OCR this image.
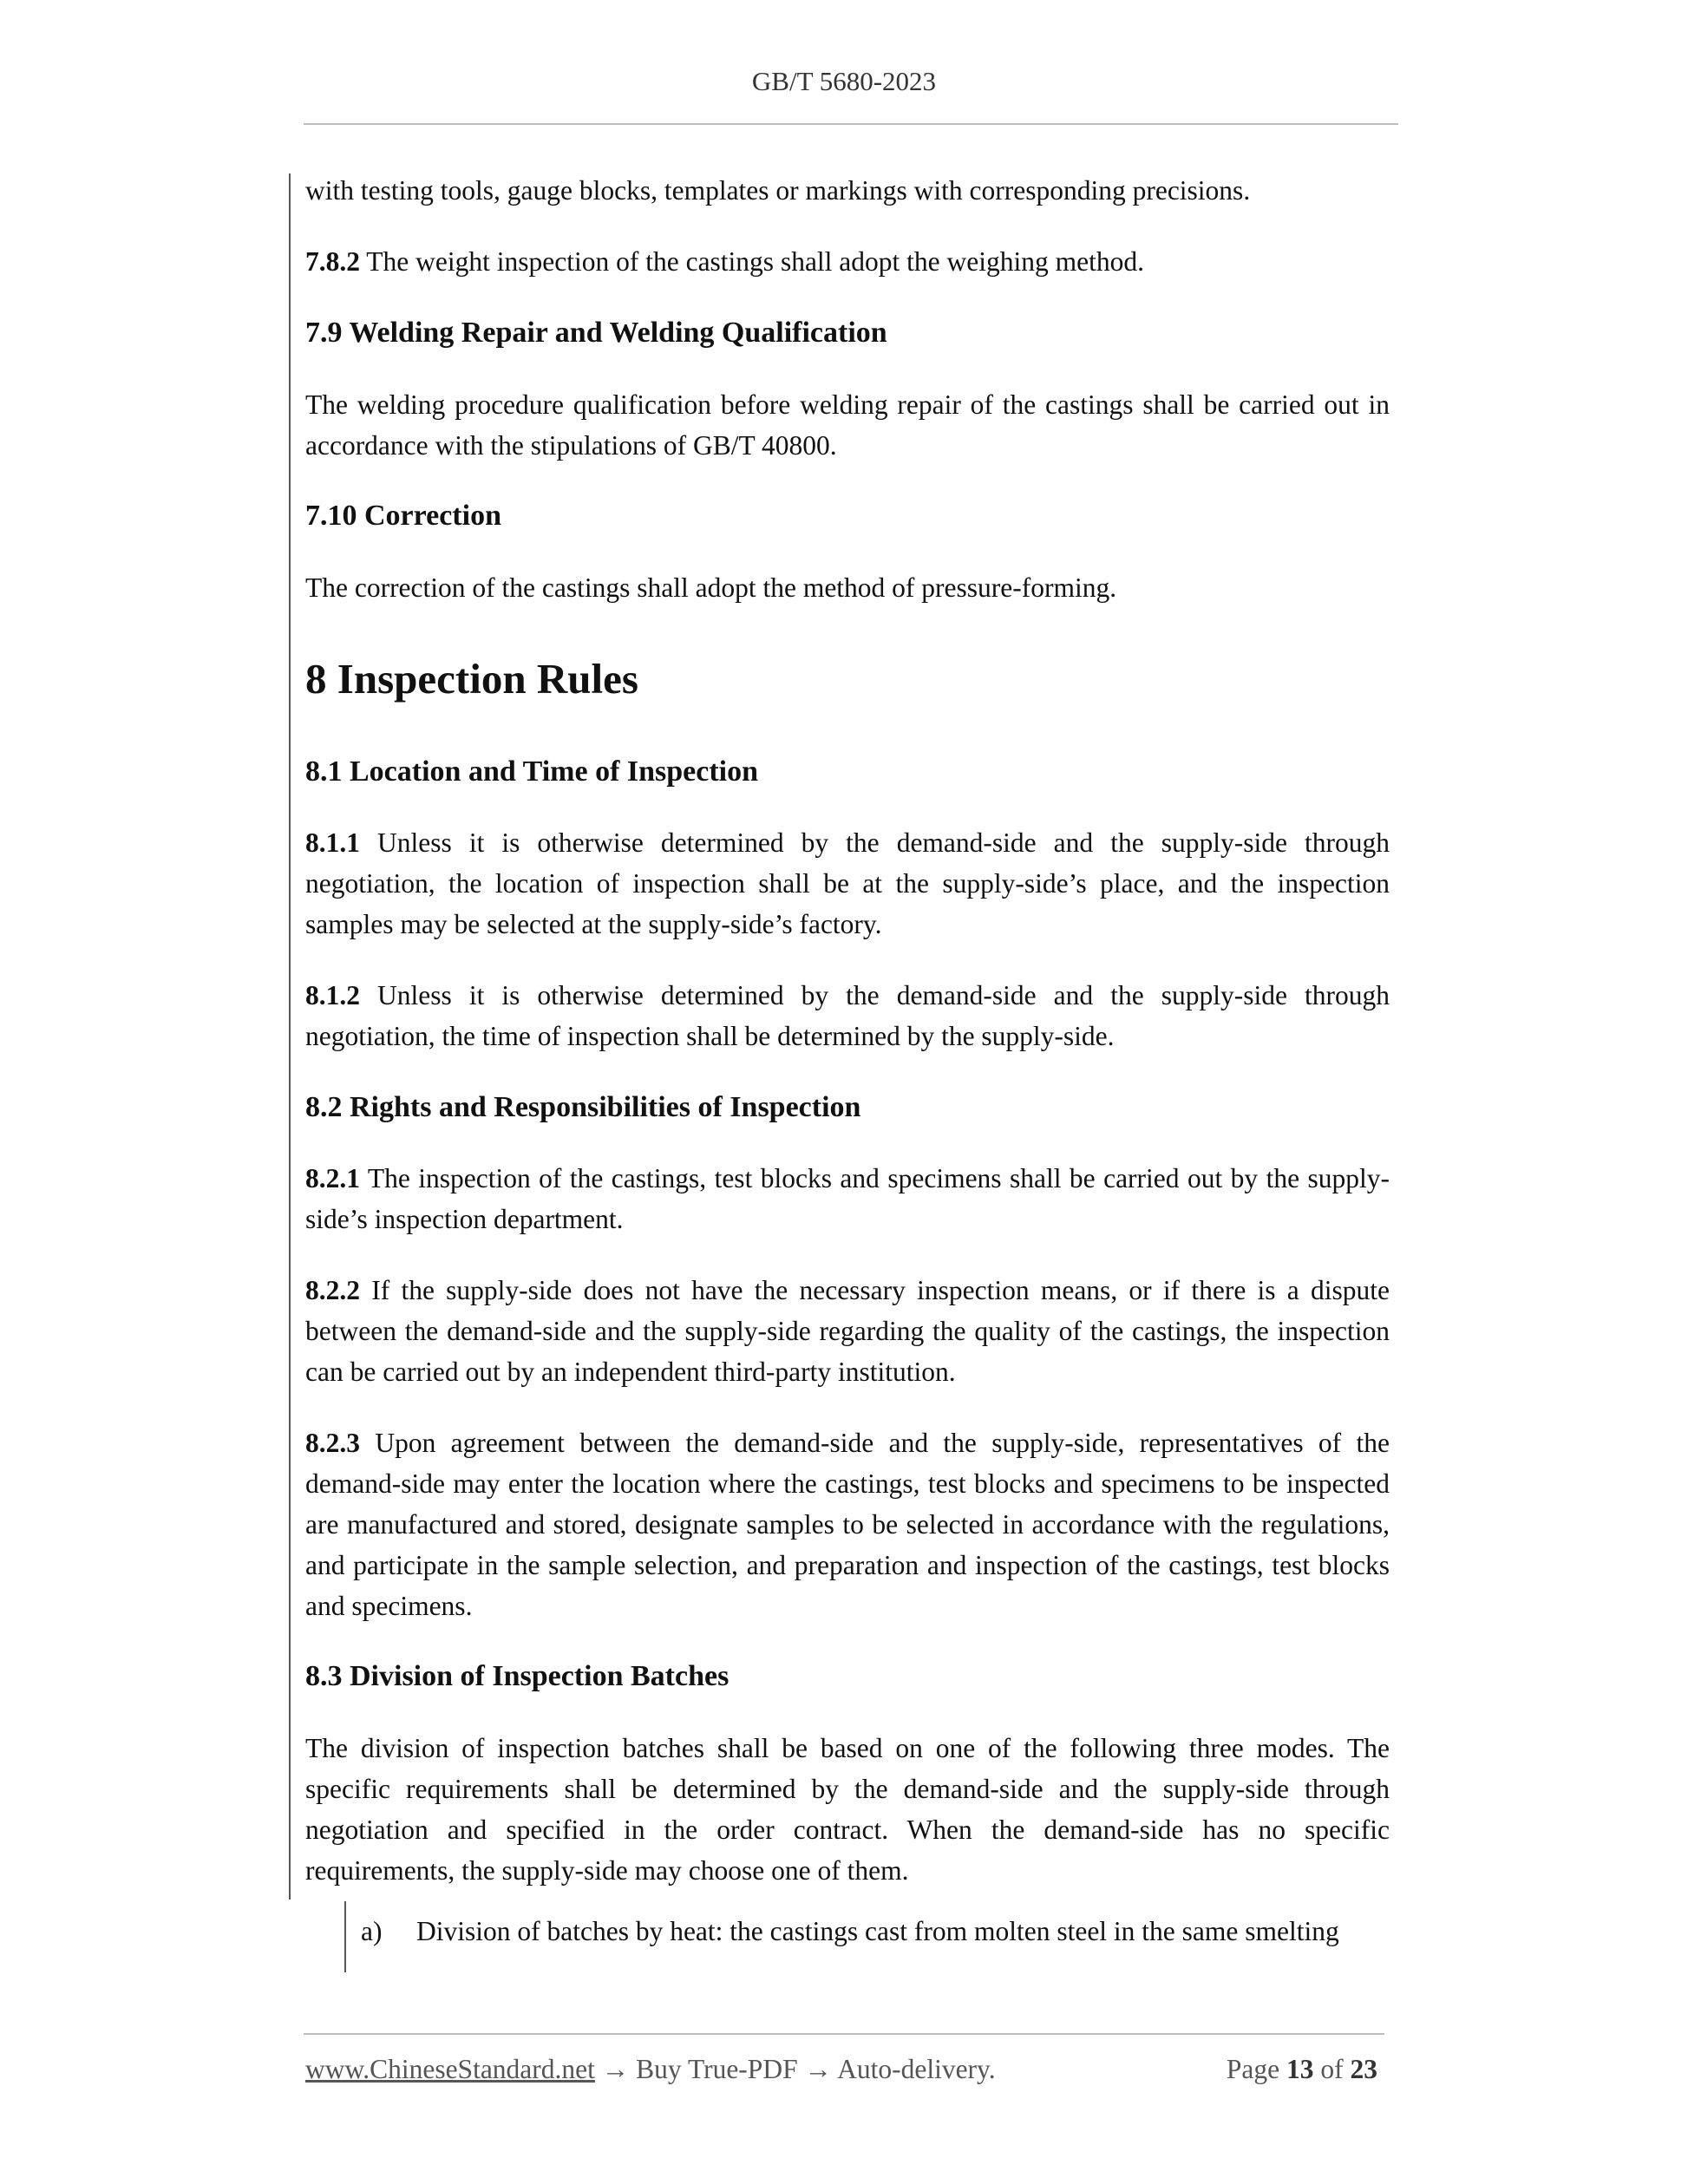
GB/T 5680-2023

with testing tools, gauge blocks, templates or markings with corresponding precisions.

7.8.2 The weight inspection of the castings shall adopt the weighing method.

7.9 Welding Repair and Welding Qualification

The welding procedure qualification before welding repair of the castings shall be carried out in accordance with the stipulations of GB/T 40800.

7.10 Correction

The correction of the castings shall adopt the method of pressure-forming.

8 Inspection Rules

8.1 Location and Time of Inspection

8.1.1 Unless it is otherwise determined by the demand-side and the supply-side through negotiation, the location of inspection shall be at the supply-side’s place, and the inspection samples may be selected at the supply-side’s factory.

8.1.2 Unless it is otherwise determined by the demand-side and the supply-side through negotiation, the time of inspection shall be determined by the supply-side.

8.2 Rights and Responsibilities of Inspection

8.2.1 The inspection of the castings, test blocks and specimens shall be carried out by the supply-side’s inspection department.

8.2.2 If the supply-side does not have the necessary inspection means, or if there is a dispute between the demand-side and the supply-side regarding the quality of the castings, the inspection can be carried out by an independent third-party institution.

8.2.3 Upon agreement between the demand-side and the supply-side, representatives of the demand-side may enter the location where the castings, test blocks and specimens to be inspected are manufactured and stored, designate samples to be selected in accordance with the regulations, and participate in the sample selection, and preparation and inspection of the castings, test blocks and specimens.

8.3 Division of Inspection Batches

The division of inspection batches shall be based on one of the following three modes. The specific requirements shall be determined by the demand-side and the supply-side through negotiation and specified in the order contract. When the demand-side has no specific requirements, the supply-side may choose one of them.

a) Division of batches by heat: the castings cast from molten steel in the same smelting
www.ChineseStandard.net → Buy True-PDF → Auto-delivery.	Page 13 of 23
